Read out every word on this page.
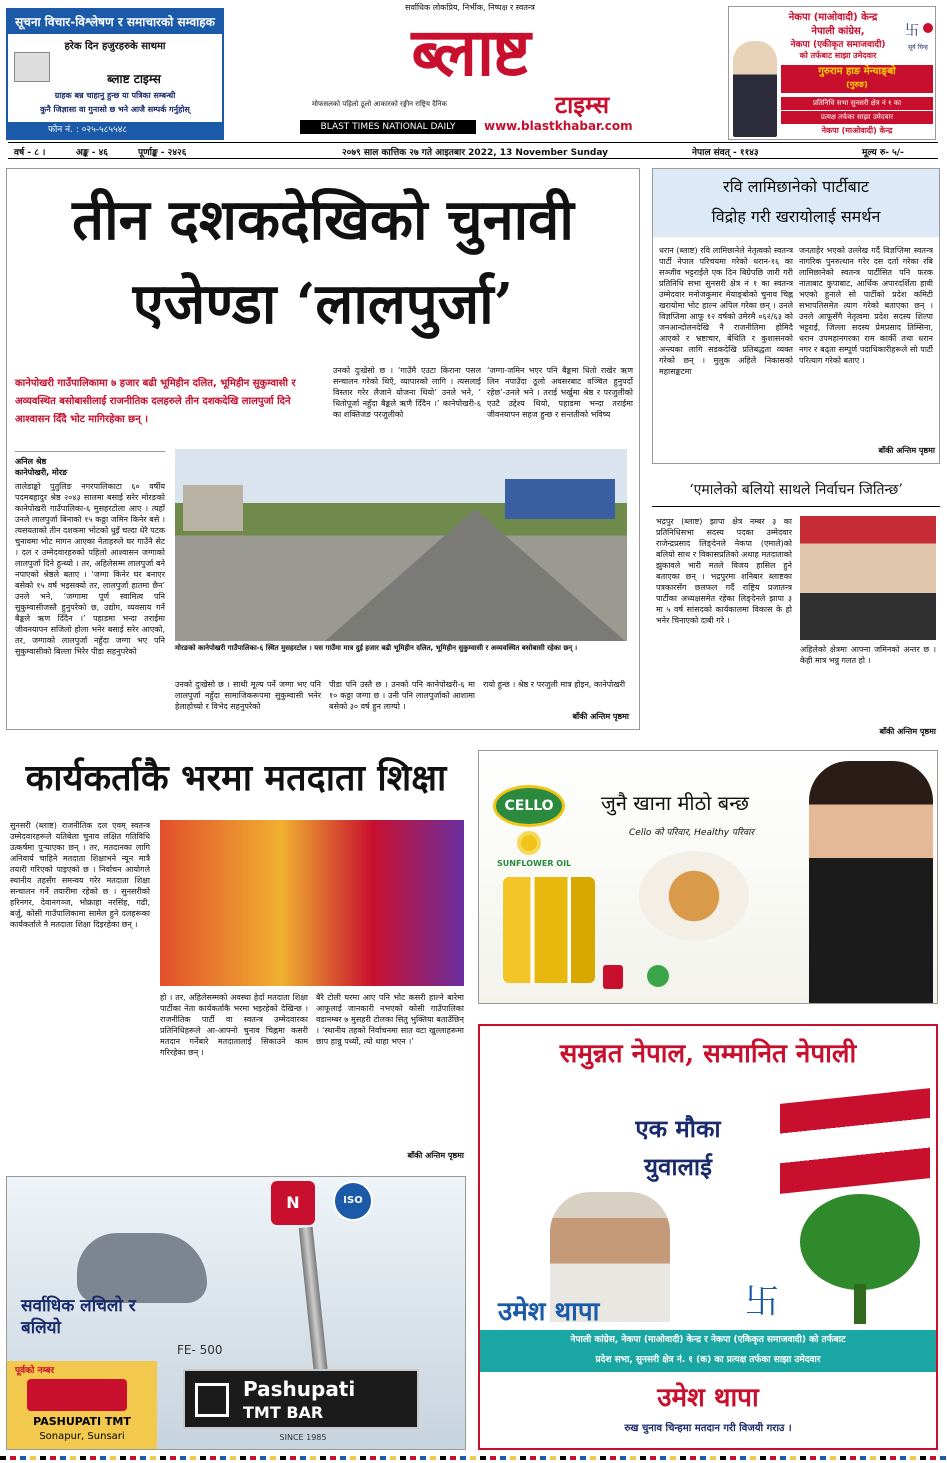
सूचना विचार-विश्लेषण र समाचारको सम्वाहक
हरेक दिन हजुरहरुके साथमा
ब्लाष्ट टाइम्स
ग्राहक बन्न चाहानु हुन्छ या पत्रिका सम्बन्धी
कुनै जिज्ञासा वा गुनासो छ भने आजै सम्पर्क गर्नुहोस्
फोन नं. : ०२५-५८५५४८
सर्वाधिक लोकप्रिय, निर्भीक, निष्पक्ष र स्वतन्त्र
ब्लाष्ट
मोफसलको पहिलो ठूलो आकारको रङ्गीन राष्ट्रिय दैनिक	टाइम्स
BLAST TIMES NATIONAL DAILY	www.blastkhabar.com
नेकपा (माओवादी) केन्द्र
नेपाली कांग्रेस,
नेकपा (एकीकृत समाजवादी)
को तर्फबाट साझा उमेदवार
卐
सूर्य चिन्ह
गुरुराम हाङ मेन्याङ्बो
(गुरुङ)
प्रतिनिधि सभा सुनसरी क्षेत्र नं १ का
प्रत्यक्ष तर्फका साझा उमेदवार
नेकपा (माओवादी) केन्द्र
वर्ष - ८ ।	अङ्क - ४६	पूर्णाङ्क - २४२६	२०७९ साल कात्तिक २७ गते आइतबार 2022, 13 November Sunday	नेपाल संवत् - ११४३	मूल्य रु- ५/-
तीन दशकदेखिको चुनावी
एजेण्डा ‘लालपुर्जा’
कानेपोखरी गाउँपालिकामा ७ हजार बढी भूमिहीन दलित, भूमिहीन सुकुम्वासी र अव्यवस्थित बसोबासीलाई राजनीतिक दलहरुले तीन दशकदेखि लालपुर्जा दिने आश्वासन दिँदै भोट मागिरहेका छन् ।
उनको दुःखेसो छ । ‘गाउँमै एउटा किराना पसल सन्चालन गरेको थिएँ, व्यापारको लागि । त्यसलाई विस्तार गरेर लैजाने योजना थियो’ उनले भने, ‘ धितोपूर्जा नहुँदा बैङ्कले ऋणै दिँदैन ।’ कानेपोखरी-६ का शक्तिजङ परजुलीको
‘जग्गा-जमिन भएर पनि बैङ्कमा धितो राखेर ऋण लिन नपाउँदा ठूलो अवसरबाट वञ्चित हुनुपर्दो रहेछ’-उनले भने । तराई भर्खुमा श्रेष्ठ र परजुलीको एउटै उद्देश्य थियो, पहाडमा भन्दा तराईमा जीवनयापन सहज हुन्छ र सन्ततीको भविष्य
अनिल श्रेष्ठ
कानेपोखरी, मोरङ
तालेडाङ्को पुतुलिङ नगरपालिकाटा ६० वर्षीय पदमबहादुर श्रेष्ठ २०४३ सालमा बसाई सरेर मोरङको कानेपोखरी गाउँपालिका-६ मुसहरटोला आए । त्यहाँ उनले लालपुर्जा बिनाको १५ कठ्ठा जमिन किनेर बसे । त्यसयताको तीन दशकमा भोटको धुइँ चल्दा धेरै पटक चुनावमा भोट मागन आएका नेताहरुले घर गाउँनै सेट । दल र उम्मेदवारहरुको पहिलो आश्वासन जग्गाको लालपुर्जा दिने हुन्थ्यो । तर, अहिलेसम्म लालपुर्जा बने नपाएको श्रेष्ठले बताए । ‘जग्गा किनेर घर बनाएर बसेको १५ वर्ष भइसक्यो तर, लालपुर्जा हातमा छैन’ उनले भने, ‘जग्गामा पूर्ण स्वामित्व पनि सुकुम्वासीजस्तै हुनुपरेको छ, उद्योग, व्यवसाय गर्ने बैङ्कले ऋण दिँदैन ।’ पहाडमा भन्दा तराईमा जीवनयापन सजिलो होला भनेर बसाई सरेर आएको, तर, जग्गाको लालपुर्जा नहुँदा जग्गा भए पनि सुकुम्वासीको बिल्ला भिरेर पीडा सहनुपरेको	मोरङको कानेपोखरी गाउँपालिका-६ स्थित मुसहरटोल । यस गाउँमा मात्र दुई हजार बढी भूमिहीन दलित, भूमिहीन सुकुम्वासी र अव्यवस्थित बसोबासी रहेका छन् ।
उनको दुःखेसो छ । साथी मूल्य पर्ने जग्गा भए पनि लालपुर्जा नहुँदा सामाजिकरूपमा सुकुम्वासी भनेर हेलाहोच्यो र विभेद सहनुपरेको
पीडा पनि उस्तै छ । उनको पनि कानेपोखरी-६ मा १० कठ्ठा जग्गा छ । उनी पनि लालपुर्जाको आशामा बसेको ३० वर्ष हुन लाग्यो ।
रायो हुन्छ । श्रेष्ठ र परजुली मात्र होइन, कानेपोखरी
बाँकी अन्तिम पृष्ठमा
रवि लामिछानेको पार्टीबाट
विद्रोह गरी खरायोलाई समर्थन
धरान (ब्लाष्ट) रवि लामिछानेले नेतृत्वको स्वतन्त्र पार्टी नेपाल परिचयमा गरेको धरान-१६ का सञ्जीव भट्टराईले एक दिन बिग्रेपछि जारी गरी प्रतिनिधि सभा सुनसरी क्षेत्र नं १ का स्वतन्त्र उम्मेदवार मनोजकुमार मेयाङ्बोको चुनाव चिह्न खरायोमा भोट हाल्न अपिल गरेका छन् । उनले विज्ञप्तिमा आफू १२ वर्षको उमेरमै ०६२/६३ को जनआन्दोलनदेखि नै राजनीतिमा होमिदै आएको र भ्रष्टाचार, बेथिति र कुशासनको अन्त्यका लागि सडकदेखि प्रतिबद्धता व्यक्त गरेको छन् । मुलुक अहिले निकासको महासङ्कटमा
जनताहेर भएको उल्लेख गर्दै विज्ञप्तिमा स्वतन्त्र नागरिक पुनरुत्थान गरेर दस दर्ता गरेका रबि लामिछानेको स्वतन्त्र पार्टीसित पनि फरक नाताबाट कुपाबाट, आर्थिक अपारदर्शिता हावी भएको हुनाले सो पार्टीको प्रदेश कमिटी सभापतिसमेत त्याग गरेको बताएका छन् । उनले आफूसँगै नेतृत्वमा प्रदेश सदस्य शिल्पा भट्टराई, जिल्ला सदस्य प्रेमप्रसाद तिम्सिना, धरान उपमहानगरका राम कार्की तथा धरान नगर र बढ्ता सम्पूर्ण पदाधिकारीहरूले सो पार्टी परित्याग गरेको बताए ।
बाँकी अन्तिम पृष्ठमा
‘एमालेको बलियो साथले निर्वाचन जितिन्छ’
भद्रपुर (ब्लाष्ट) झापा क्षेत्र नम्बर ३ का प्रतिनिधिसभा सदस्य पदका उम्मेदवार राजेन्द्रप्रसाद लिङ्देनले नेकपा (एमाले)को बलियो साथ र विकासप्रतिको अथाह मतदाताको झुकावले भारी मतले विजय हासिल हुने बताएका छन् । भद्रपुरमा शनिबार ब्लाष्टका पत्रकारसँग छलफल गर्दै राष्ट्रिय प्रजातन्त्र पार्टीका अध्यक्षसमेत रहेका लिङ्देनले झापा ३ मा ५ वर्ष सांसदको कार्यकालमा विकास के हो भनेर चिनाएको दाबी गरे ।
अहिलेको क्षेत्रमा आफ्ना जमिनको अन्तर छ । केही मात्र भन्नु गलत हो ।
बाँकी अन्तिम पृष्ठमा
कार्यकर्ताकै भरमा मतदाता शिक्षा
सुनसरी (ब्लाष्ट) राजनीतिक दल एवम् स्वतन्त्र उम्मेदवारहरूले यतिबेला चुनाव लक्षित गतिविधि उत्कर्षमा पुऱ्याएका छन् । तर, मतदानका लागि अनिवार्य चाहिने मतदाता शिक्षाभने न्यून मात्रै तयारी गरिएको पाइएको छ । निर्वाचन आयोगले स्थानीय तहसँग समन्वय गरेर मतदाता शिक्षा सन्चालन गर्ने तयारीमा रहेको छ । सुनसरीको हरिनगर, देवानगञ्ज, भोक्राहा नरसिंह, गढी, बर्जु, कोसी गाउँपालिकामा सामेल हुने दलहरूका कार्यकर्ताले नै मतदाता शिक्षा दिइरहेका छन् ।
हो । तर, अहिलेसम्मको अवस्था हेर्दा मतदाता शिक्षा पार्टीका नेता कार्यकर्ताकै भरमा भइरहेको देखिन्छ । राजनीतिक पार्टी वा स्वतन्त्र उम्मेदवारका प्रतिनिधिहरूले आ-आफ्नो चुनाव चिह्नमा कसरी मतदान गर्नेबारे मतदातालाई सिकाउने काम गरिरहेका छन् ।
बैरै टोली घरमा आए पनि भोट कसरी हाल्ने बारेमा आफूलाई जानकारी नभएको कोसी गाउँपालिका वडानम्बर ७ मुसहरी टोलका सितु भुक्तिया बताउँछिन् । ‘स्थानीय तहको निर्वाचनमा सात वटा खुल्लाहरूमा छाप हान्नु पर्थ्यो, त्यो थाहा भएन ।’
बाँकी अन्तिम पृष्ठमा
CELLO
SUNFLOWER OIL
जुनै खाना मीठो बन्छ
Cello को परिवार, Healthy परिवार
समुन्नत नेपाल, सम्मानित नेपाली
एक मौका
युवालाई
उमेश थापा	卐
नेपाली कांग्रेस, नेकपा (माओवादी) केन्द्र र नेकपा (एकिकृत समाजवादी) को तर्फबाट
प्रदेश सभा, सुनसरी क्षेत्र नं. १ (क) का प्रत्यक्ष तर्फका साझा उमेदवार
उमेश थापा
रुख चुनाव चिन्हमा मतदान गरी विजयी गराउ ।
N	ISO
सर्वाधिक लचिलो र बलियो
FE- 500
पूर्वको नम्बर
PASHUPATI TMT
Sonapur, Sunsari
Pashupati
TMT BAR
SINCE 1985
